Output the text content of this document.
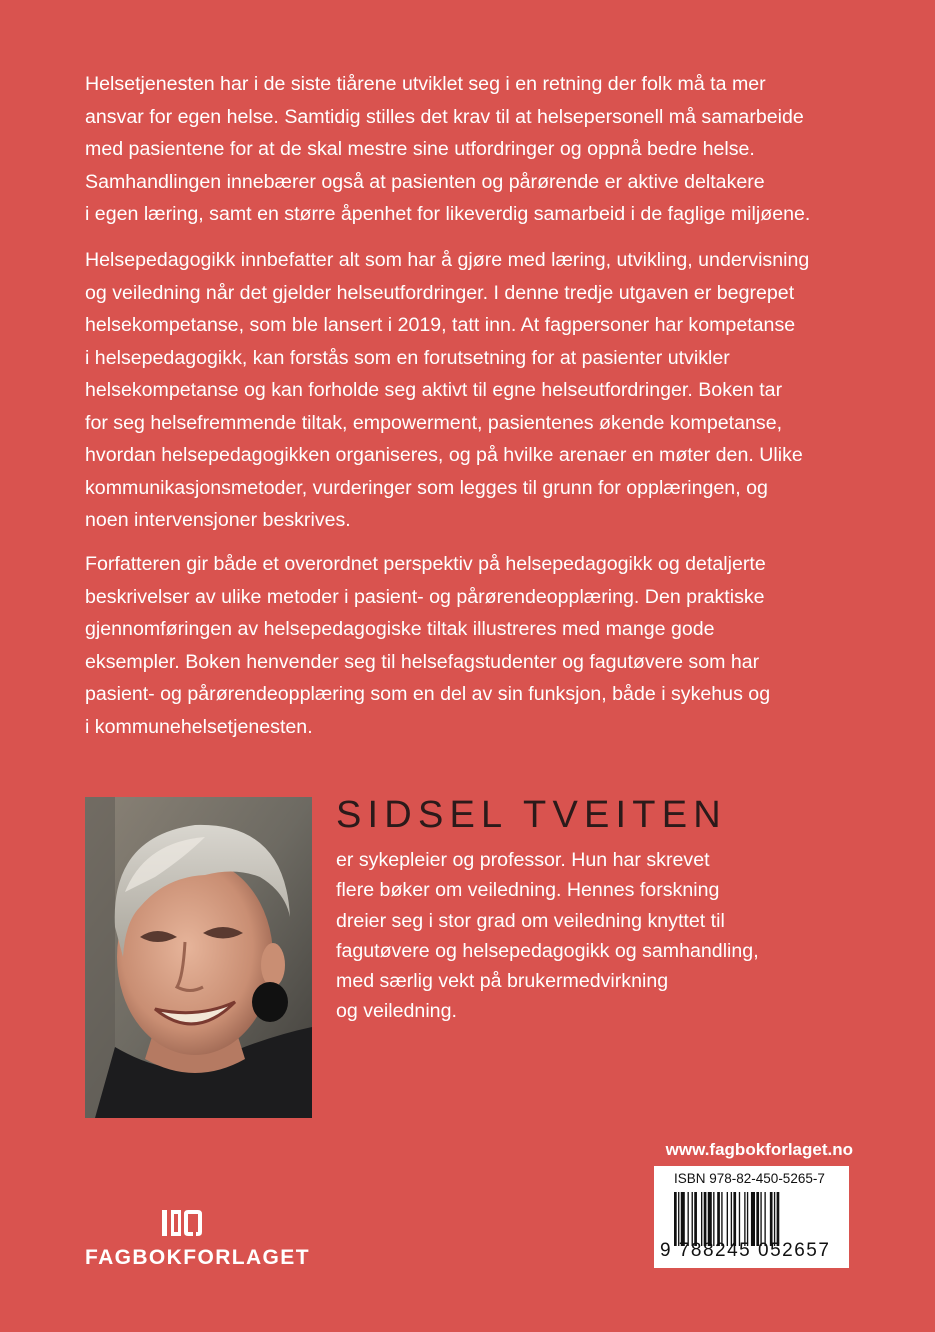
Helsetjenesten har i de siste tiårene utviklet seg i en retning der folk må ta mer
ansvar for egen helse. Samtidig stilles det krav til at helsepersonell må samarbeide
med pasientene for at de skal mestre sine utfordringer og oppnå bedre helse.
Samhandlingen innebærer også at pasienten og pårørende er aktive deltakere
i egen læring, samt en større åpenhet for likeverdig samarbeid i de faglige miljøene.
Helsepedagogikk innbefatter alt som har å gjøre med læring, utvikling, undervisning
og veiledning når det gjelder helseutfordringer. I denne tredje utgaven er begrepet
helsekompetanse, som ble lansert i 2019, tatt inn. At fagpersoner har kompetanse
i helsepedagogikk, kan forstås som en forutsetning for at pasienter utvikler
helsekompetanse og kan forholde seg aktivt til egne helseutfordringer. Boken tar
for seg helsefremmende tiltak, empowerment, pasientenes økende kompetanse,
hvordan helsepedagogikken organiseres, og på hvilke arenaer en møter den. Ulike
kommunikasjonsmetoder, vurderinger som legges til grunn for opplæringen, og
noen intervensjoner beskrives.
Forfatteren gir både et overordnet perspektiv på helsepedagogikk og detaljerte
beskrivelser av ulike metoder i pasient- og pårørendeopplæring. Den praktiske
gjennomføringen av helsepedagogiske tiltak illustreres med mange gode
eksempler. Boken henvender seg til helsefagstudenter og fagutøvere som har
pasient- og pårørendeopplæring som en del av sin funksjon, både i sykehus og
i kommunehelsetjenesten.
SIDSEL TVEITEN
er sykepleier og professor. Hun har skrevet
flere bøker om veiledning. Hennes forskning
dreier seg i stor grad om veiledning knyttet til
fagutøvere og helsepedagogikk og samhandling,
med særlig vekt på brukermedvirkning
og veiledning.
www.fagbokforlaget.no
ISBN 978-82-450-5265-7
9 788245 052657
FAGBOKFORLAGET
